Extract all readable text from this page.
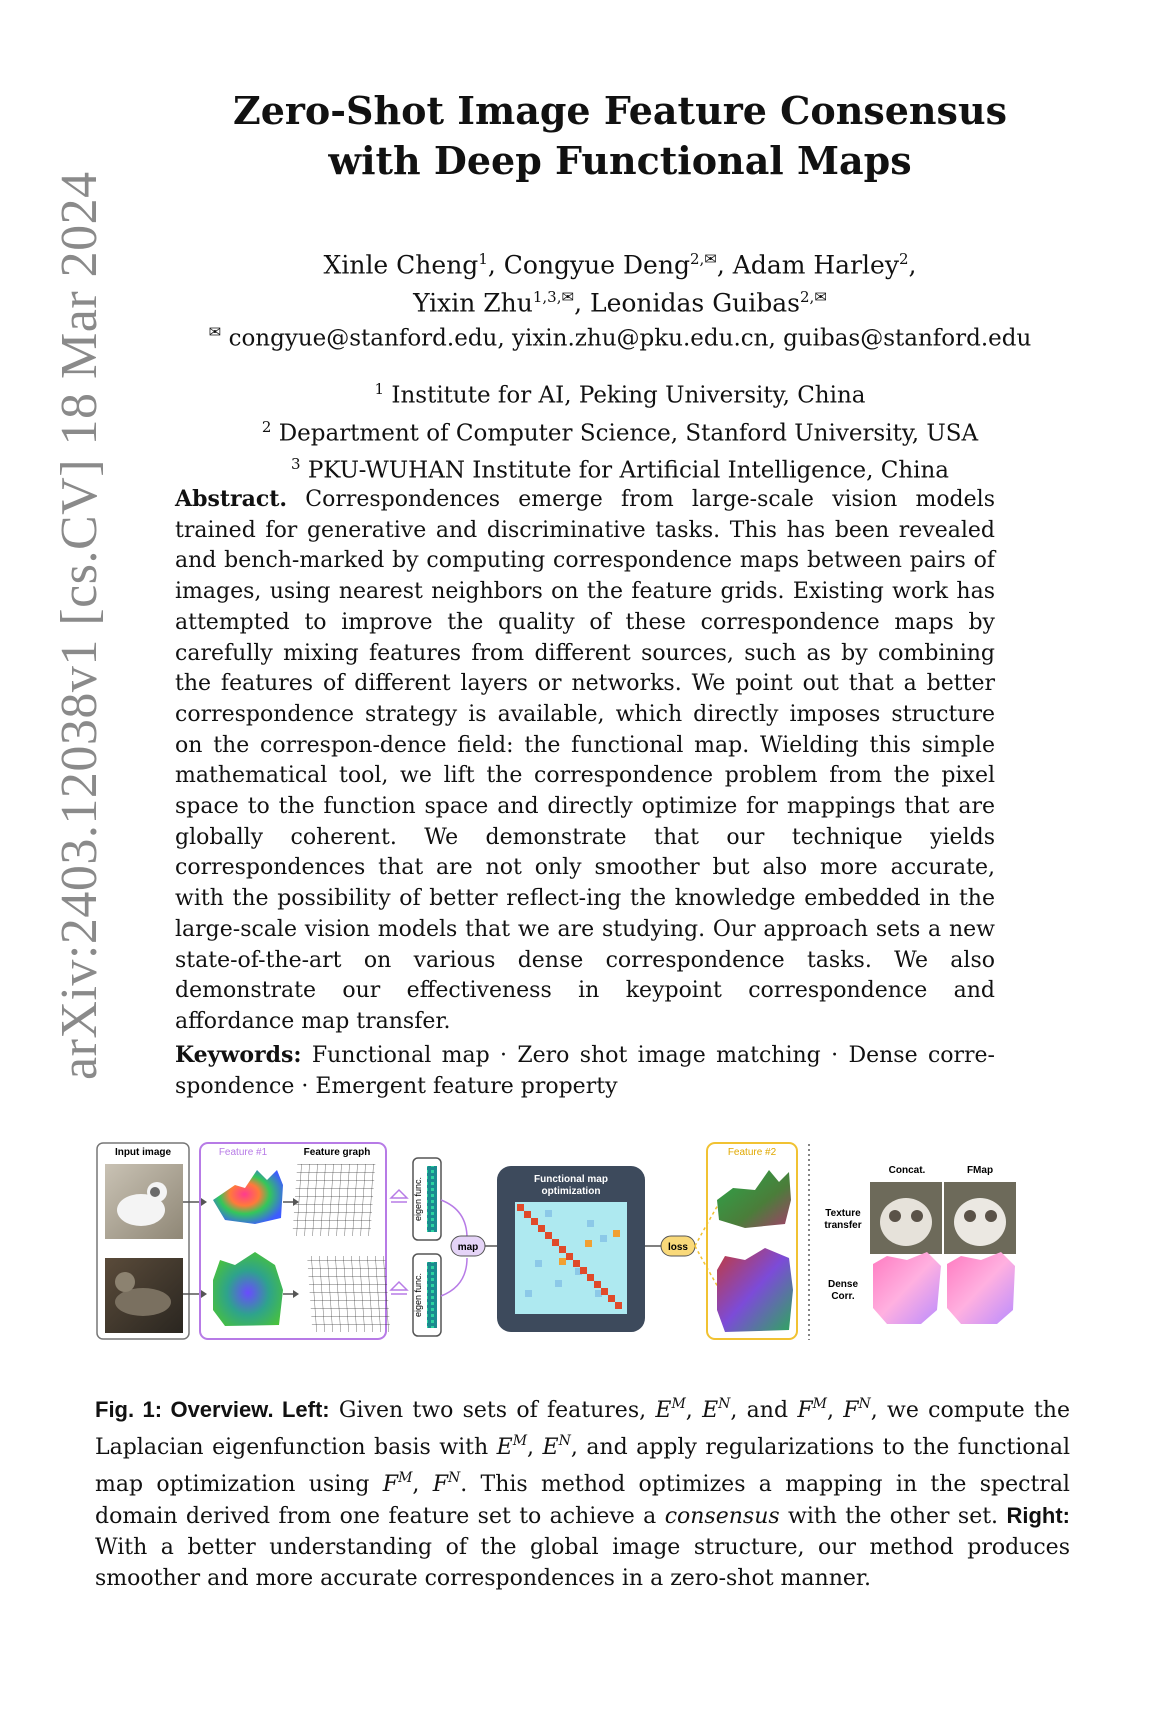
arXiv:2403.12038v1 [cs.CV] 18 Mar 2024
Zero-Shot Image Feature Consensus
with Deep Functional Maps
Xinle Cheng$^1$, Congyue Deng$^{2,✉}$, Adam Harley$^2$,
Yixin Zhu$^{1,3,✉}$, Leonidas Guibas$^{2,✉}$
✉ congyue@stanford.edu, yixin.zhu@pku.edu.cn, guibas@stanford.edu
$^1$ Institute for AI, Peking University, China
$^2$ Department of Computer Science, Stanford University, USA
$^3$ PKU-WUHAN Institute for Artificial Intelligence, China
Abstract. Correspondences emerge from large-scale vision models trained for generative and discriminative tasks. This has been revealed and bench-marked by computing correspondence maps between pairs of images, using nearest neighbors on the feature grids. Existing work has attempted to improve the quality of these correspondence maps by carefully mixing features from different sources, such as by combining the features of different layers or networks. We point out that a better correspondence strategy is available, which directly imposes structure on the correspon-dence field: the functional map. Wielding this simple mathematical tool, we lift the correspondence problem from the pixel space to the function space and directly optimize for mappings that are globally coherent. We demonstrate that our technique yields correspondences that are not only smoother but also more accurate, with the possibility of better reflect-ing the knowledge embedded in the large-scale vision models that we are studying. Our approach sets a new state-of-the-art on various dense correspondence tasks. We also demonstrate our effectiveness in keypoint correspondence and affordance map transfer.
Keywords: Functional map · Zero shot image matching · Dense corre-spondence · Emergent feature property
Input image	Feature #1	Feature graph
eigen func.
eigen func.
map
Functional map
optimization
loss
Feature #2
Concat.	FMap
Texture
transfer
Dense
Corr.
Fig. 1: Overview. Left: Given two sets of features, $E^M$, $E^N$, and $F^M$, $F^N$, we compute the Laplacian eigenfunction basis with $E^M$, $E^N$, and apply regularizations to the functional map optimization using $F^M$, $F^N$. This method optimizes a mapping in the spectral domain derived from one feature set to achieve a consensus with the other set. Right: With a better understanding of the global image structure, our method produces smoother and more accurate correspondences in a zero-shot manner.
